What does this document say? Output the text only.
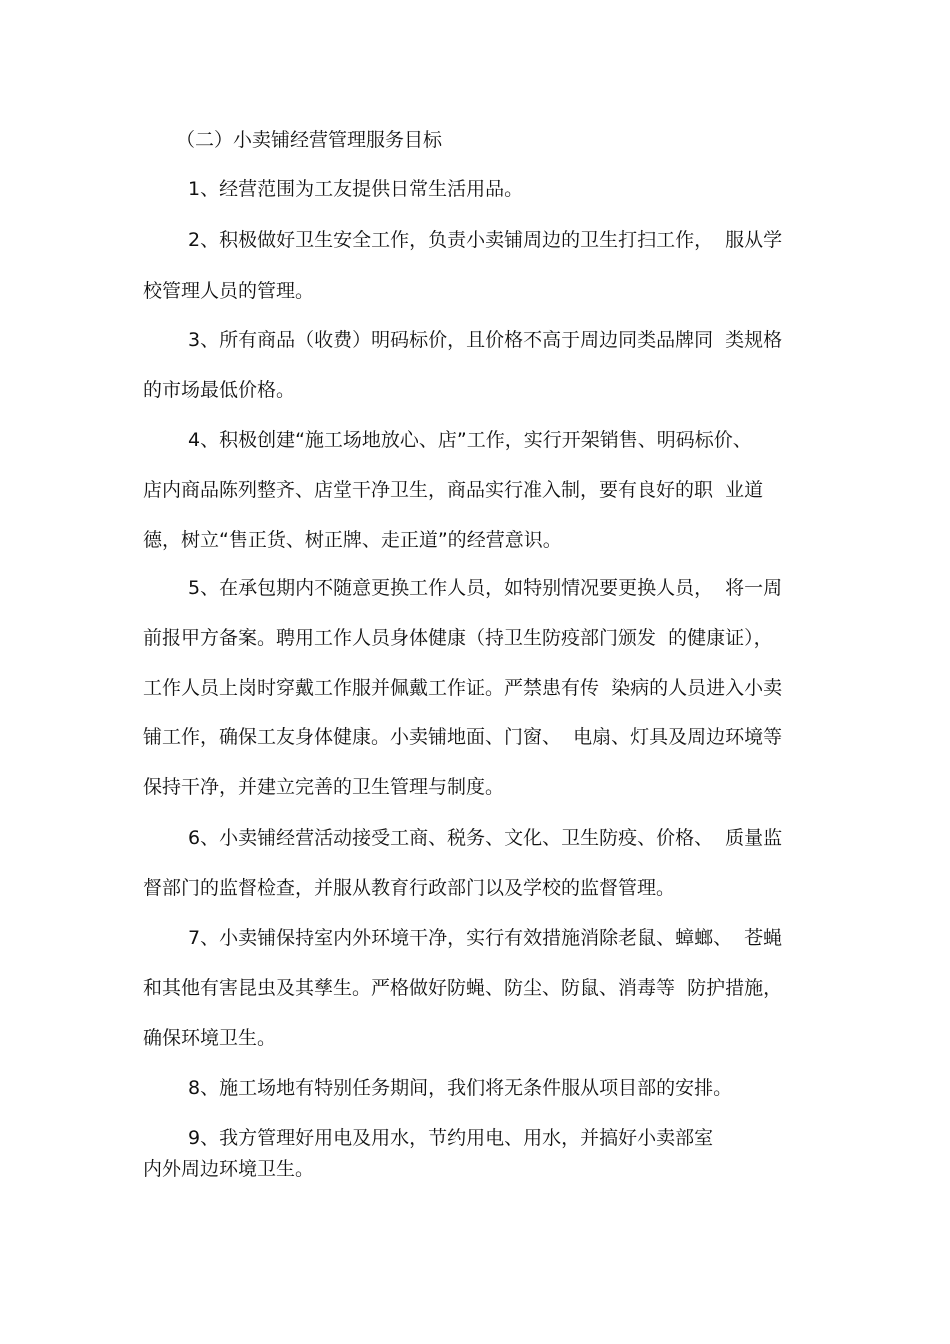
（二）小卖铺经营管理服务目标

1、经营范围为工友提供日常生活用品。

2、积极做好卫生安全工作，负责小卖铺周边的卫生打扫工作，  服从学

校管理人员的管理。

3、所有商品（收费）明码标价，且价格不高于周边同类品牌同  类规格

的市场最低价格。

4、积极创建“施工场地放心、店”工作，实行开架销售、明码标价、

店内商品陈列整齐、店堂干净卫生，商品实行准入制，要有良好的职  业道

德，树立“售正货、树正牌、走正道”的经营意识。

5、在承包期内不随意更换工作人员，如特别情况要更换人员，  将一周

前报甲方备案。聘用工作人员身体健康（持卫生防疫部门颁发  的健康证），

工作人员上岗时穿戴工作服并佩戴工作证。严禁患有传  染病的人员进入小卖

铺工作，确保工友身体健康。小卖铺地面、门窗、  电扇、灯具及周边环境等

保持干净，并建立完善的卫生管理与制度。

6、小卖铺经营活动接受工商、税务、文化、卫生防疫、价格、  质量监

督部门的监督检查，并服从教育行政部门以及学校的监督管理。

7、小卖铺保持室内外环境干净，实行有效措施消除老鼠、蟑螂、  苍蝇

和其他有害昆虫及其孳生。严格做好防蝇、防尘、防鼠、消毒等  防护措施，

确保环境卫生。

8、施工场地有特别任务期间，我们将无条件服从项目部的安排。

9、我方管理好用电及用水，节约用电、用水，并搞好小卖部室

内外周边环境卫生。
